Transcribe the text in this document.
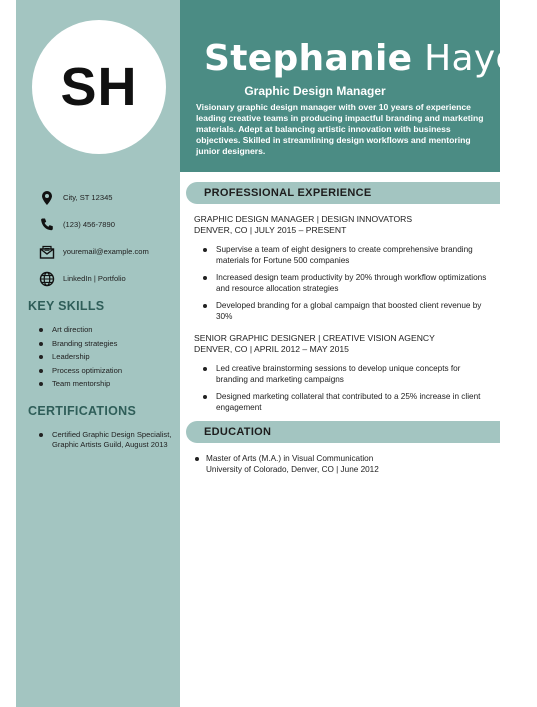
SH Stephanie Hayes
Graphic Design Manager
Visionary graphic design manager with over 10 years of experience leading creative teams in producing impactful branding and marketing materials. Adept at balancing artistic innovation with business objectives. Skilled in streamlining design workflows and mentoring junior designers.
City, ST 12345
(123) 456-7890
youremail@example.com
LinkedIn | Portfolio
KEY SKILLS
Art direction
Branding strategies
Leadership
Process optimization
Team mentorship
CERTIFICATIONS
Certified Graphic Design Specialist, Graphic Artists Guild, August 2013
PROFESSIONAL EXPERIENCE
GRAPHIC DESIGN MANAGER | DESIGN INNOVATORS
DENVER, CO | JULY 2015 – PRESENT
Supervise a team of eight designers to create comprehensive branding materials for Fortune 500 companies
Increased design team productivity by 20% through workflow optimizations and resource allocation strategies
Developed branding for a global campaign that boosted client revenue by 30%
SENIOR GRAPHIC DESIGNER | CREATIVE VISION AGENCY
DENVER, CO | APRIL 2012 – MAY 2015
Led creative brainstorming sessions to develop unique concepts for branding and marketing campaigns
Designed marketing collateral that contributed to a 25% increase in client engagement
EDUCATION
Master of Arts (M.A.) in Visual Communication
University of Colorado, Denver, CO | June 2012
